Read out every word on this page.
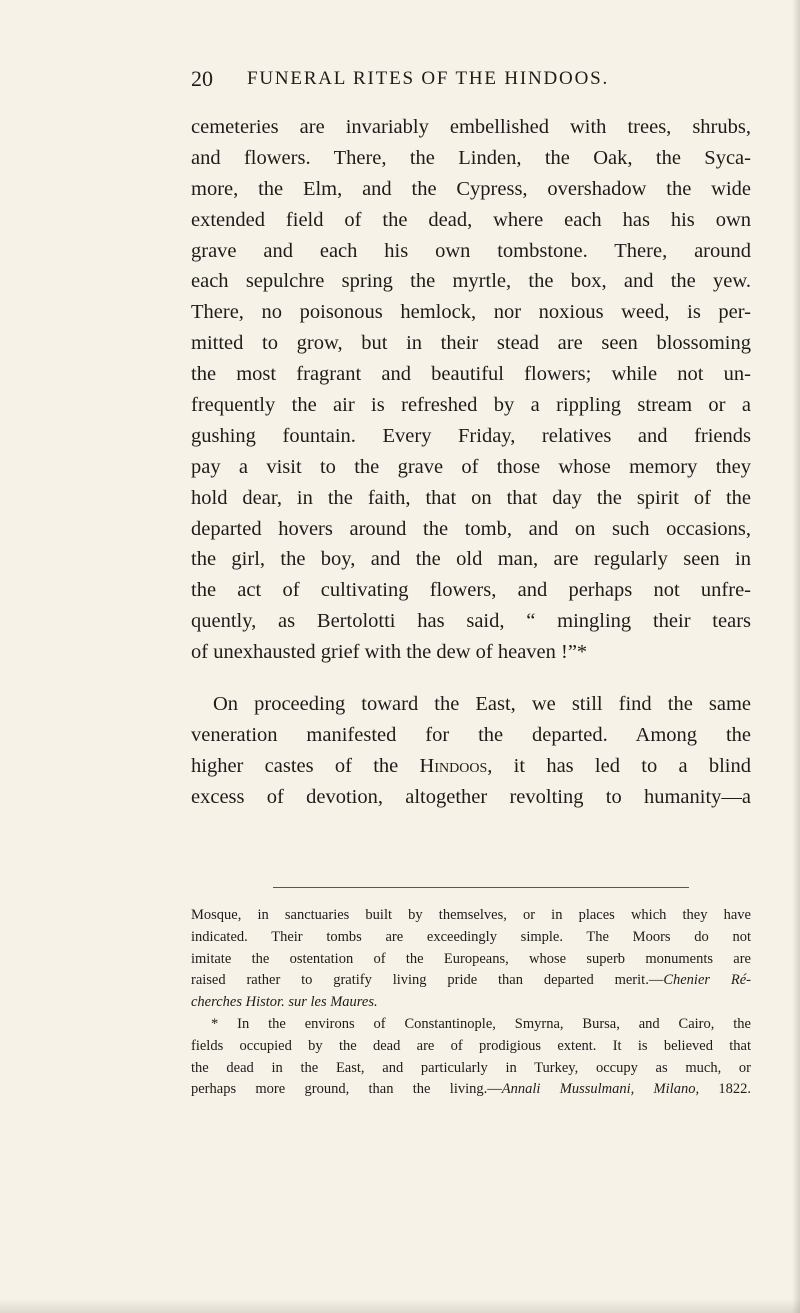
20 FUNERAL RITES OF THE HINDOOS.
cemeteries are invariably embellished with trees, shrubs,
and flowers. There, the Linden, the Oak, the Syca-
more, the Elm, and the Cypress, overshadow the wide
extended field of the dead, where each has his own
grave and each his own tombstone. There, around
each sepulchre spring the myrtle, the box, and the yew.
There, no poisonous hemlock, nor noxious weed, is per-
mitted to grow, but in their stead are seen blossoming
the most fragrant and beautiful flowers; while not un-
frequently the air is refreshed by a rippling stream or a
gushing fountain. Every Friday, relatives and friends
pay a visit to the grave of those whose memory they
hold dear, in the faith, that on that day the spirit of the
departed hovers around the tomb, and on such occasions,
the girl, the boy, and the old man, are regularly seen in
the act of cultivating flowers, and perhaps not unfre-
quently, as Bertolotti has said, “ mingling their tears
of unexhausted grief with the dew of heaven !”*
On proceeding toward the East, we still find the same
veneration manifested for the departed. Among the
higher castes of the Hindoos, it has led to a blind
excess of devotion, altogether revolting to humanity—a
Mosque, in sanctuaries built by themselves, or in places which they have
indicated. Their tombs are exceedingly simple. The Moors do not
imitate the ostentation of the Europeans, whose superb monuments are
raised rather to gratify living pride than departed merit.—Chenier Ré-
cherches Histor. sur les Maures.
* In the environs of Constantinople, Smyrna, Bursa, and Cairo, the
fields occupied by the dead are of prodigious extent. It is believed that
the dead in the East, and particularly in Turkey, occupy as much, or
perhaps more ground, than the living.—Annali Mussulmani, Milano, 1822.
